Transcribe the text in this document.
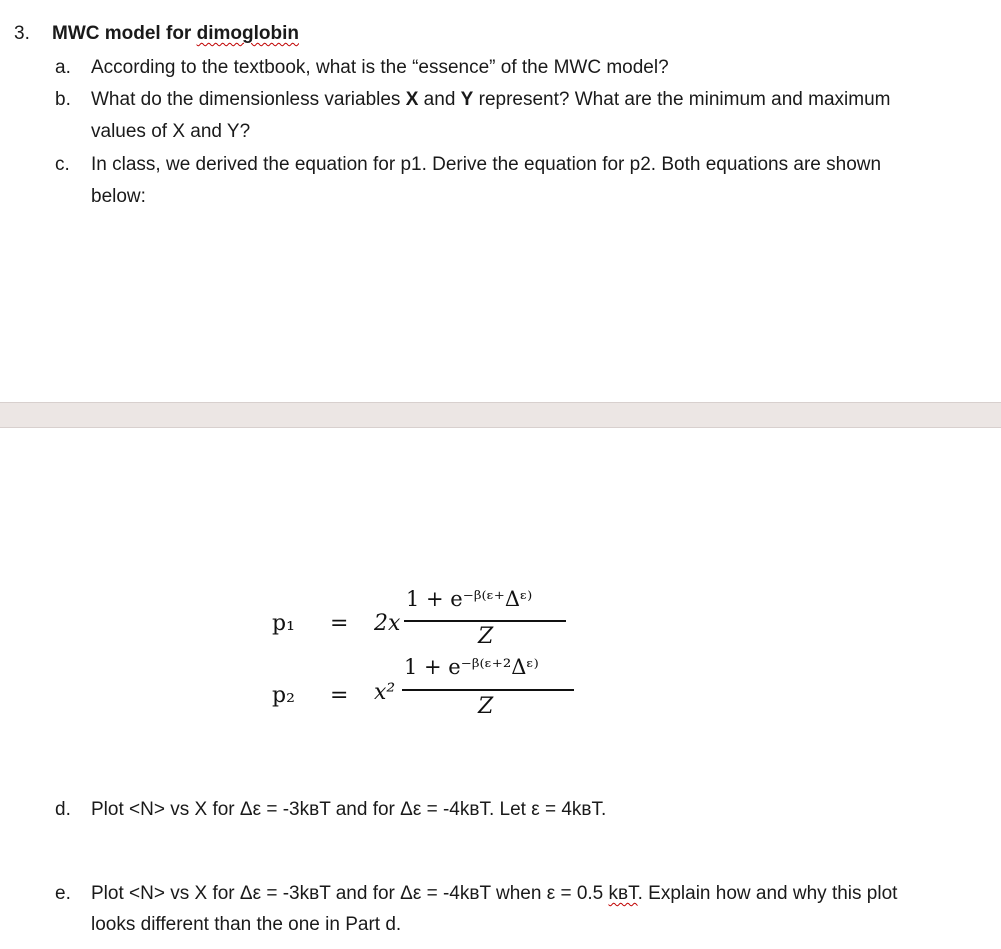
3. MWC model for dimoglobin
a. According to the textbook, what is the “essence” of the MWC model?
b. What do the dimensionless variables X and Y represent? What are the minimum and maximum
values of X and Y?
c. In class, we derived the equation for p1. Derive the equation for p2. Both equations are shown
below:
p₁ = 2x
1 + e⁻ᵝ⁽ᵋ⁺Δᵋ⁾
Z
p₂ = x²
1 + e⁻ᵝ⁽ᵋ⁺²Δᵋ⁾
Z
d. Plot <N> vs X for Δε = -3kʙT and for Δε = -4kʙT. Let ε = 4kʙT.
e. Plot <N> vs X for Δε = -3kʙT and for Δε = -4kʙT when ε = 0.5 kʙT. Explain how and why this plot
looks different than the one in Part d.
